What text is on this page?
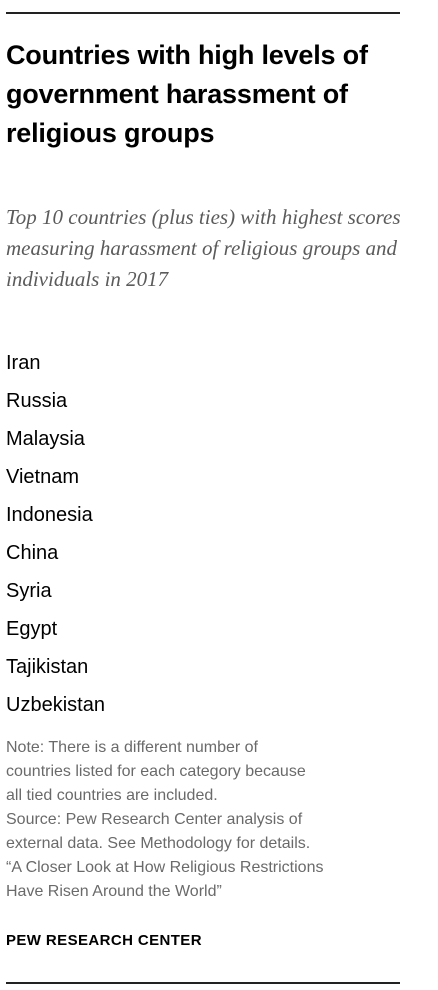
Countries with high levels of government harassment of religious groups

Top 10 countries (plus ties) with highest scores measuring harassment of religious groups and individuals in 2017

Iran
Russia
Malaysia
Vietnam
Indonesia
China
Syria
Egypt
Tajikistan
Uzbekistan
Note: There is a different number of
countries listed for each category because
all tied countries are included.
Source: Pew Research Center analysis of
external data. See Methodology for details.
“A Closer Look at How Religious Restrictions
Have Risen Around the World”
PEW RESEARCH CENTER
